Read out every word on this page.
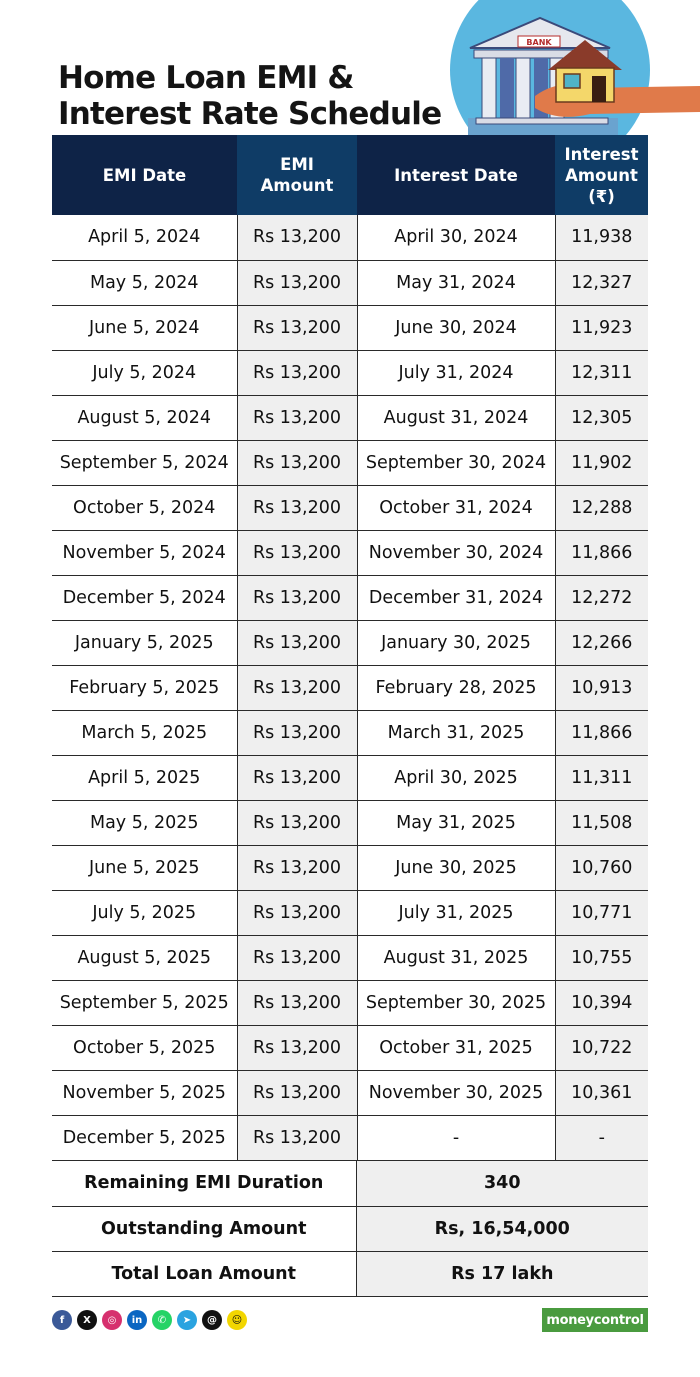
Home Loan EMI &
Interest Rate Schedule
BANK
EMI Date	EMI Amount	Interest Date	Interest Amount (₹)
April 5, 2024	Rs 13,200	April 30, 2024	11,938
May 5, 2024	Rs 13,200	May 31, 2024	12,327
June 5, 2024	Rs 13,200	June 30, 2024	11,923
July 5, 2024	Rs 13,200	July 31, 2024	12,311
August 5, 2024	Rs 13,200	August 31, 2024	12,305
September 5, 2024	Rs 13,200	September 30, 2024	11,902
October 5, 2024	Rs 13,200	October 31, 2024	12,288
November 5, 2024	Rs 13,200	November 30, 2024	11,866
December 5, 2024	Rs 13,200	December 31, 2024	12,272
January 5, 2025	Rs 13,200	January 30, 2025	12,266
February 5, 2025	Rs 13,200	February 28, 2025	10,913
March 5, 2025	Rs 13,200	March 31, 2025	11,866
April 5, 2025	Rs 13,200	April 30, 2025	11,311
May 5, 2025	Rs 13,200	May 31, 2025	11,508
June 5, 2025	Rs 13,200	June 30, 2025	10,760
July 5, 2025	Rs 13,200	July 31, 2025	10,771
August 5, 2025	Rs 13,200	August 31, 2025	10,755
September 5, 2025	Rs 13,200	September 30, 2025	10,394
October 5, 2025	Rs 13,200	October 31, 2025	10,722
November 5, 2025	Rs 13,200	November 30, 2025	10,361
December 5, 2025	Rs 13,200	-	-
Remaining EMI Duration	340
Outstanding Amount	Rs, 16,54,000
Total Loan Amount	Rs 17 lakh
f	X	◎	in	✆	➤	@	☺	moneycontrol
